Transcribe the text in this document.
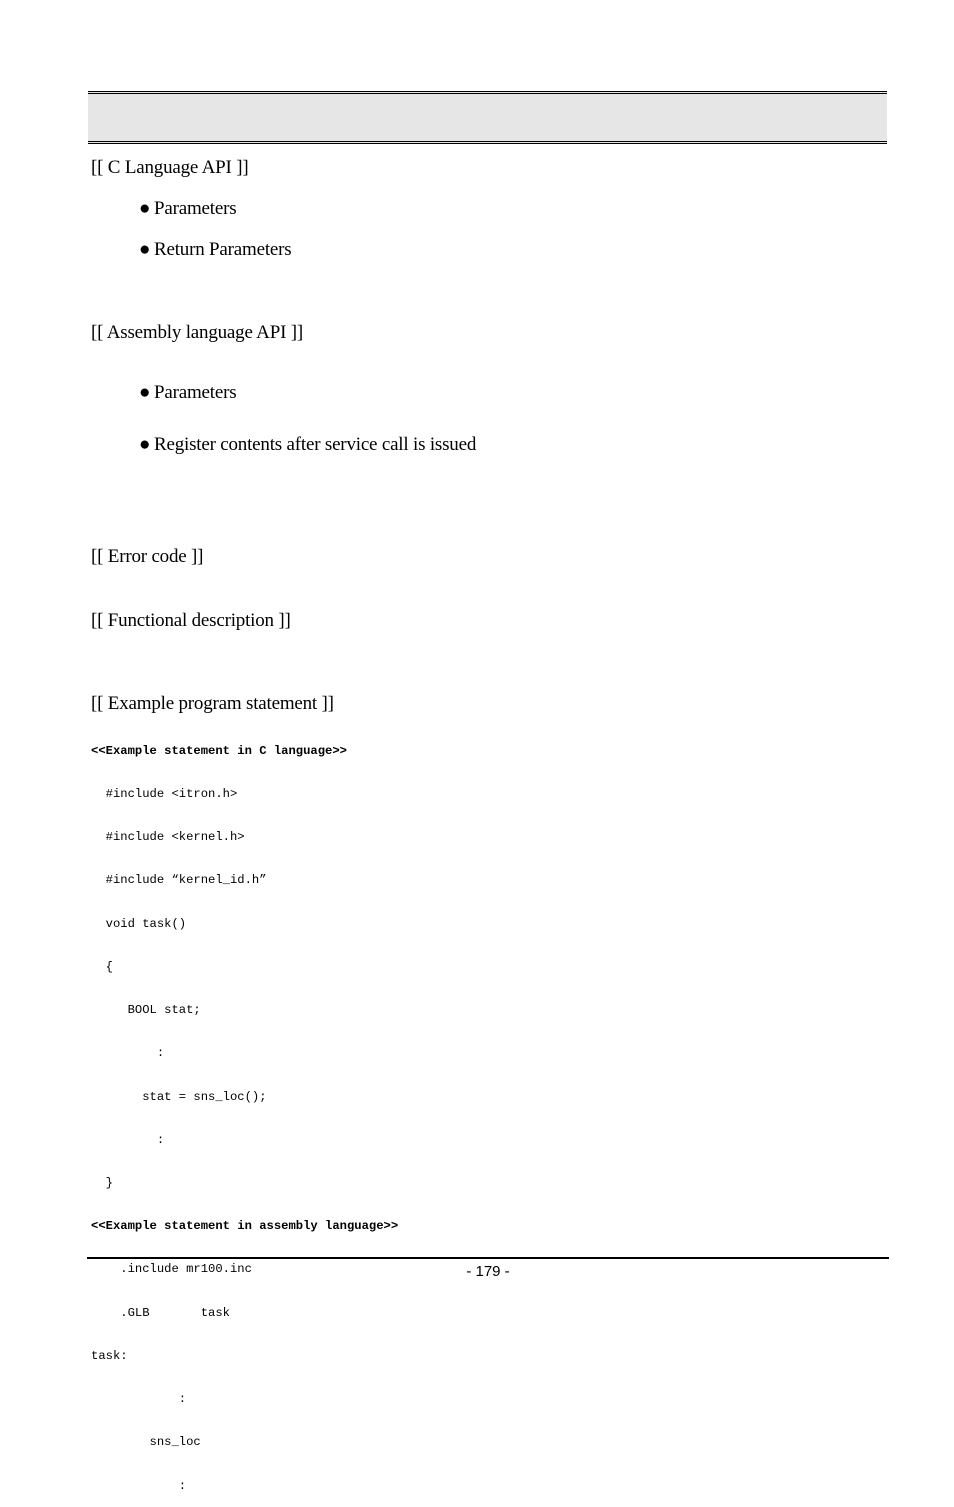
[[ C Language API ]]
● Parameters
● Return Parameters
[[ Assembly language API ]]
● Parameters
● Register contents after service call is issued
[[ Error code ]]
[[ Functional description ]]
[[ Example program statement ]]

<<Example statement in C language>>

#include <itron.h>

#include <kernel.h>

#include “kernel_id.h”

void task()

{

BOOL stat;

:

stat = sns_loc();

:

}

<<Example statement in assembly language>>

.include mr100.inc

.GLB       task

task:

:

sns_loc

:

- 179 -
